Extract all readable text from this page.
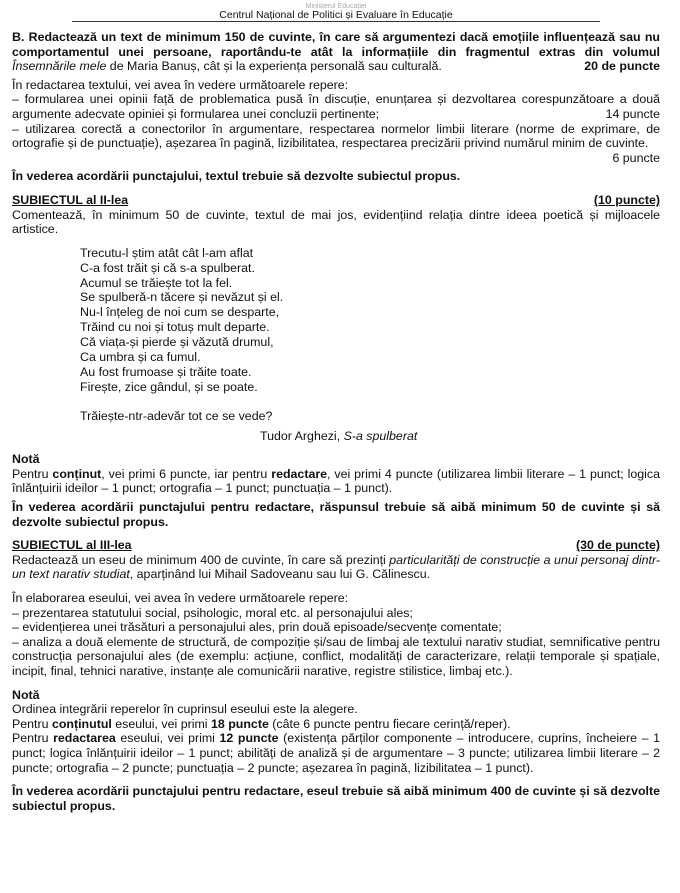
Ministerul Educației
Centrul Național de Politici și Evaluare în Educație

B. Redactează un text de minimum 150 de cuvinte, în care să argumentezi dacă emoțiile influențează sau nu comportamentul unei persoane, raportându-te atât la informațiile din fragmentul extras din volumul Însemnările mele de Maria Banuș, cât și la experiența personală sau culturală.	20 de puncte

În redactarea textului, vei avea în vedere următoarele repere:

– formularea unei opinii față de problematica pusă în discuție, enunțarea și dezvoltarea corespunzătoare a două argumente adecvate opiniei și formularea unei concluzii pertinente;	14 puncte

– utilizarea corectă a conectorilor în argumentare, respectarea normelor limbii literare (norme de exprimare, de ortografie și de punctuație), așezarea în pagină, lizibilitatea, respectarea precizării privind numărul minim de cuvinte.

6 puncte

În vederea acordării punctajului, textul trebuie să dezvolte subiectul propus.

SUBIECTUL al II-lea	(10 puncte)

Comentează, în minimum 50 de cuvinte, textul de mai jos, evidențiind relația dintre ideea poetică și mijloacele artistice.

Trecutu-l știm atât cât l-am aflat
C-a fost trăit și că s-a spulberat.
Acumul se trăiește tot la fel.
Se spulberă-n tăcere și nevăzut și el.
Nu-l înțeleg de noi cum se desparte,
Trăind cu noi și totuș mult departe.
Că viața-și pierde și văzută drumul,
Ca umbra și ca fumul.
Au fost frumoase și trăite toate.
Firește, zice gândul, și se poate.
Trăiește-ntr-adevăr tot ce se vede?
Tudor Arghezi, S-a spulberat

Notă

Pentru conținut, vei primi 6 puncte, iar pentru redactare, vei primi 4 puncte (utilizarea limbii literare – 1 punct; logica înlănțuirii ideilor – 1 punct; ortografia – 1 punct; punctuația – 1 punct).

În vederea acordării punctajului pentru redactare, răspunsul trebuie să aibă minimum 50 de cuvinte și să dezvolte subiectul propus.

SUBIECTUL al III-lea	(30 de puncte)

Redactează un eseu de minimum 400 de cuvinte, în care să prezinți particularități de construcție a unui personaj dintr-un text narativ studiat, aparținând lui Mihail Sadoveanu sau lui G. Călinescu.

În elaborarea eseului, vei avea în vedere următoarele repere:

– prezentarea statutului social, psihologic, moral etc. al personajului ales;

– evidențierea unei trăsături a personajului ales, prin două episoade/secvențe comentate;

– analiza a două elemente de structură, de compoziție și/sau de limbaj ale textului narativ studiat, semnificative pentru construcția personajului ales (de exemplu: acțiune, conflict, modalități de caracterizare, relații temporale și spațiale, incipit, final, tehnici narative, instanțe ale comunicării narative, registre stilistice, limbaj etc.).

Notă

Ordinea integrării reperelor în cuprinsul eseului este la alegere.

Pentru conținutul eseului, vei primi 18 puncte (câte 6 puncte pentru fiecare cerință/reper).

Pentru redactarea eseului, vei primi 12 puncte (existența părților componente – introducere, cuprins, încheiere – 1 punct; logica înlănțuirii ideilor – 1 punct; abilități de analiză și de argumentare – 3 puncte; utilizarea limbii literare – 2 puncte; ortografia – 2 puncte; punctuația – 2 puncte; așezarea în pagină, lizibilitatea – 1 punct).

În vederea acordării punctajului pentru redactare, eseul trebuie să aibă minimum 400 de cuvinte și să dezvolte subiectul propus.
